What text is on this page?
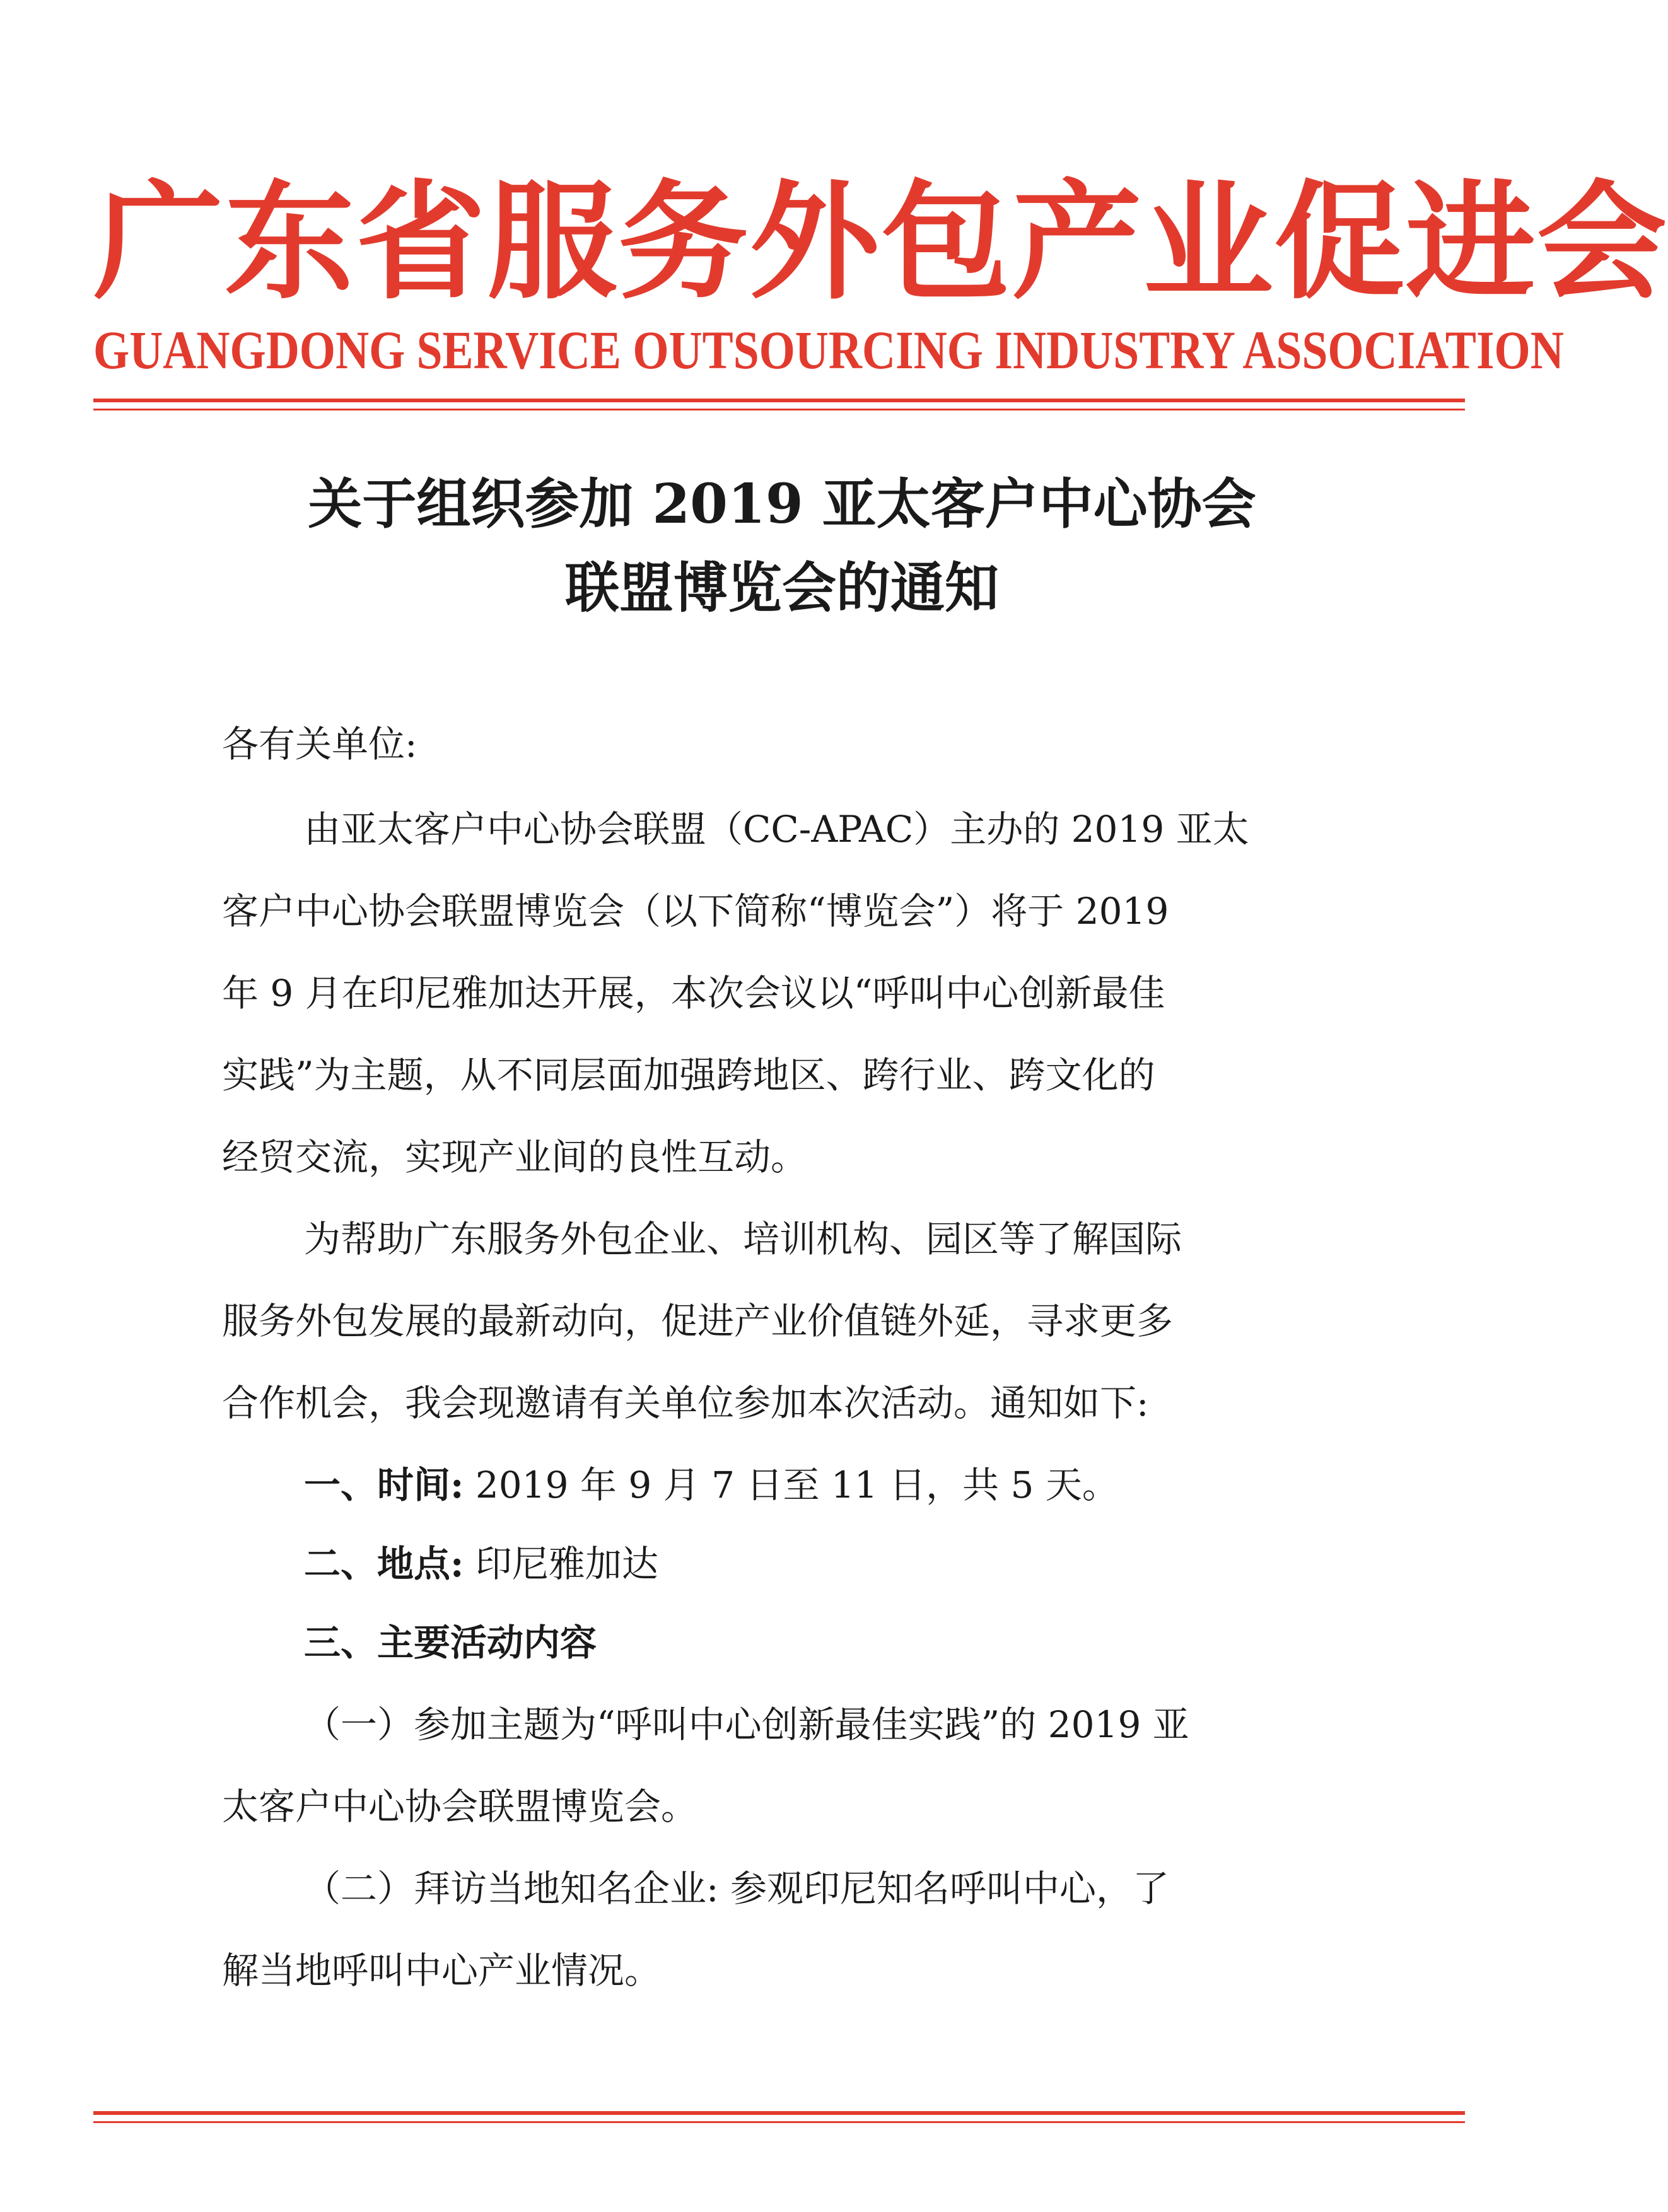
广东省服务外包产业促进会
GUANGDONG SERVICE OUTSOURCING INDUSTRY ASSOCIATION
关于组织参加 2019 亚太客户中心协会
联盟博览会的通知
各有关单位:
由亚太客户中心协会联盟（CC-APAC）主办的 2019 亚太
客户中心协会联盟博览会（以下简称“博览会”）将于 2019
年 9 月在印尼雅加达开展，本次会议以“呼叫中心创新最佳
实践”为主题，从不同层面加强跨地区、跨行业、跨文化的
经贸交流，实现产业间的良性互动。
为帮助广东服务外包企业、培训机构、园区等了解国际
服务外包发展的最新动向，促进产业价值链外延，寻求更多
合作机会，我会现邀请有关单位参加本次活动。通知如下:
一、时间: 2019 年 9 月 7 日至 11 日，共 5 天。
二、地点: 印尼雅加达
三、主要活动内容
（一）参加主题为“呼叫中心创新最佳实践”的 2019 亚
太客户中心协会联盟博览会。
（二）拜访当地知名企业: 参观印尼知名呼叫中心，了
解当地呼叫中心产业情况。
